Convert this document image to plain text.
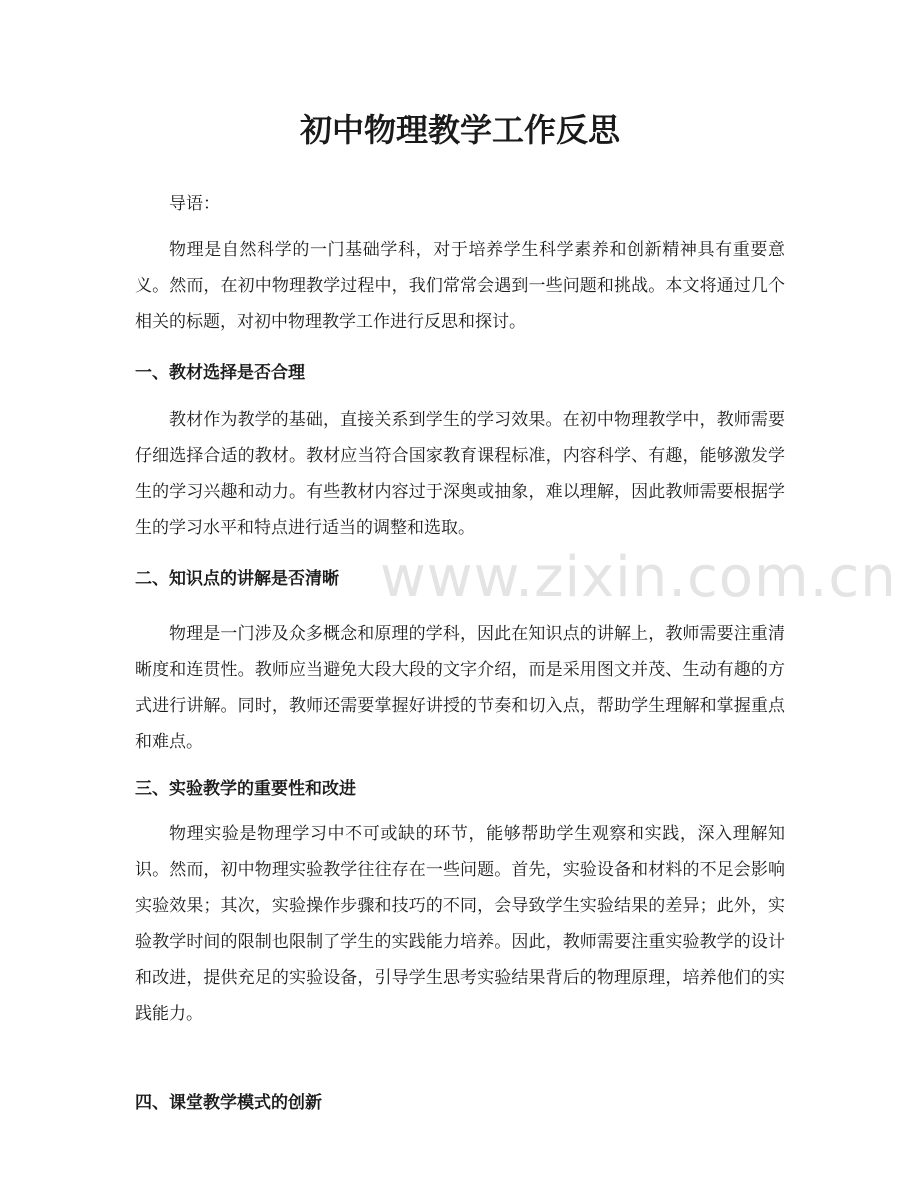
初中物理教学工作反思

导语：

物理是自然科学的一门基础学科，对于培养学生科学素养和创新精神具有重要意义。然而，在初中物理教学过程中，我们常常会遇到一些问题和挑战。本文将通过几个相关的标题，对初中物理教学工作进行反思和探讨。

一、教材选择是否合理

教材作为教学的基础，直接关系到学生的学习效果。在初中物理教学中，教师需要仔细选择合适的教材。教材应当符合国家教育课程标准，内容科学、有趣，能够激发学生的学习兴趣和动力。有些教材内容过于深奥或抽象，难以理解，因此教师需要根据学生的学习水平和特点进行适当的调整和选取。

二、知识点的讲解是否清晰

物理是一门涉及众多概念和原理的学科，因此在知识点的讲解上，教师需要注重清晰度和连贯性。教师应当避免大段大段的文字介绍，而是采用图文并茂、生动有趣的方式进行讲解。同时，教师还需要掌握好讲授的节奏和切入点，帮助学生理解和掌握重点和难点。

三、实验教学的重要性和改进

物理实验是物理学习中不可或缺的环节，能够帮助学生观察和实践，深入理解知识。然而，初中物理实验教学往往存在一些问题。首先，实验设备和材料的不足会影响实验效果；其次，实验操作步骤和技巧的不同，会导致学生实验结果的差异；此外，实验教学时间的限制也限制了学生的实践能力培养。因此，教师需要注重实验教学的设计和改进，提供充足的实验设备，引导学生思考实验结果背后的物理原理，培养他们的实践能力。

四、课堂教学模式的创新
www.zixin.com.cn
